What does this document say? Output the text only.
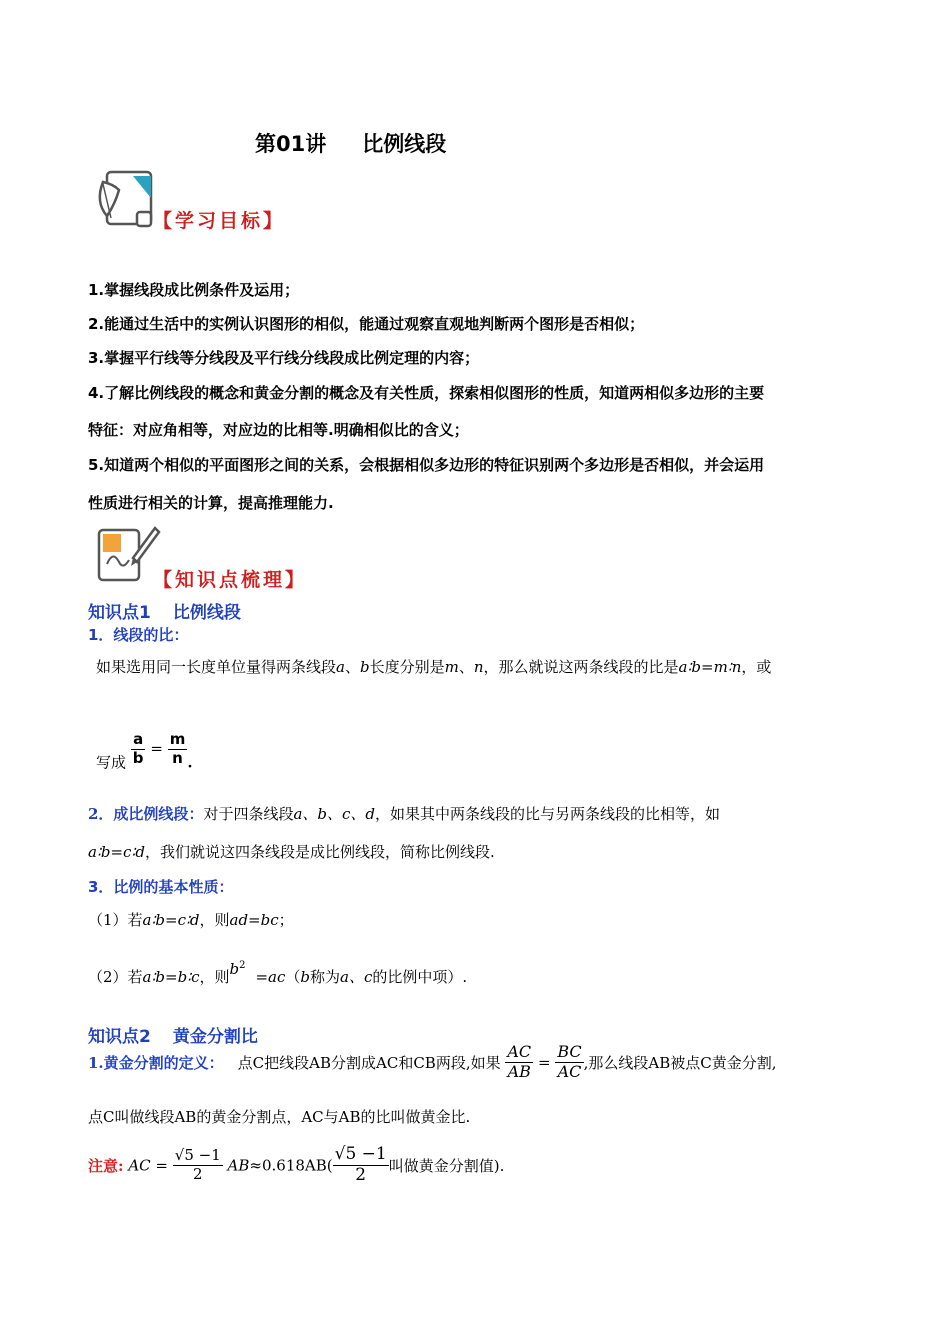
第01讲 比例线段
【学习目标】
1.掌握线段成比例条件及运用；
2.能通过生活中的实例认识图形的相似，能通过观察直观地判断两个图形是否相似；
3.掌握平行线等分线段及平行线分线段成比例定理的内容；
4.了解比例线段的概念和黄金分割的概念及有关性质，探索相似图形的性质，知道两相似多边形的主要
特征：对应角相等，对应边的比相等.明确相似比的含义；
5.知道两个相似的平面图形之间的关系，会根据相似多边形的特征识别两个多边形是否相似，并会运用
性质进行相关的计算，提高推理能力.
【知识点梳理】
知识点1 比例线段
1．线段的比：
如果选用同一长度单位量得两条线段a、b长度分别是m、n，那么就说这两条线段的比是a∶b=m∶n，或
写成 $\frac{a}{b} = \frac{m}{n}$ .
2．成比例线段：对于四条线段a、b、c、d，如果其中两条线段的比与另两条线段的比相等，如
a∶b=c∶d，我们就说这四条线段是成比例线段，简称比例线段.
3．比例的基本性质：
（1）若a∶b=c∶d，则ad=bc；
（2）若a∶b=b∶c，则$b^2=ac(b$称为a、c的比例中项）.
知识点2 黄金分割比
1.黄金分割的定义： 点C把线段AB分割成AC和CB两段,如果 $\frac{AC}{AB} = \frac{BC}{AC}$ ,那么线段AB被点C黄金分割,
点C叫做线段AB的黄金分割点，AC与AB的比叫做黄金比.
注意: AC = $\frac{√5 -1}{2} AB\approx 0.618AB( \frac{√5 -1}{2}$ 叫做黄金分割值).
